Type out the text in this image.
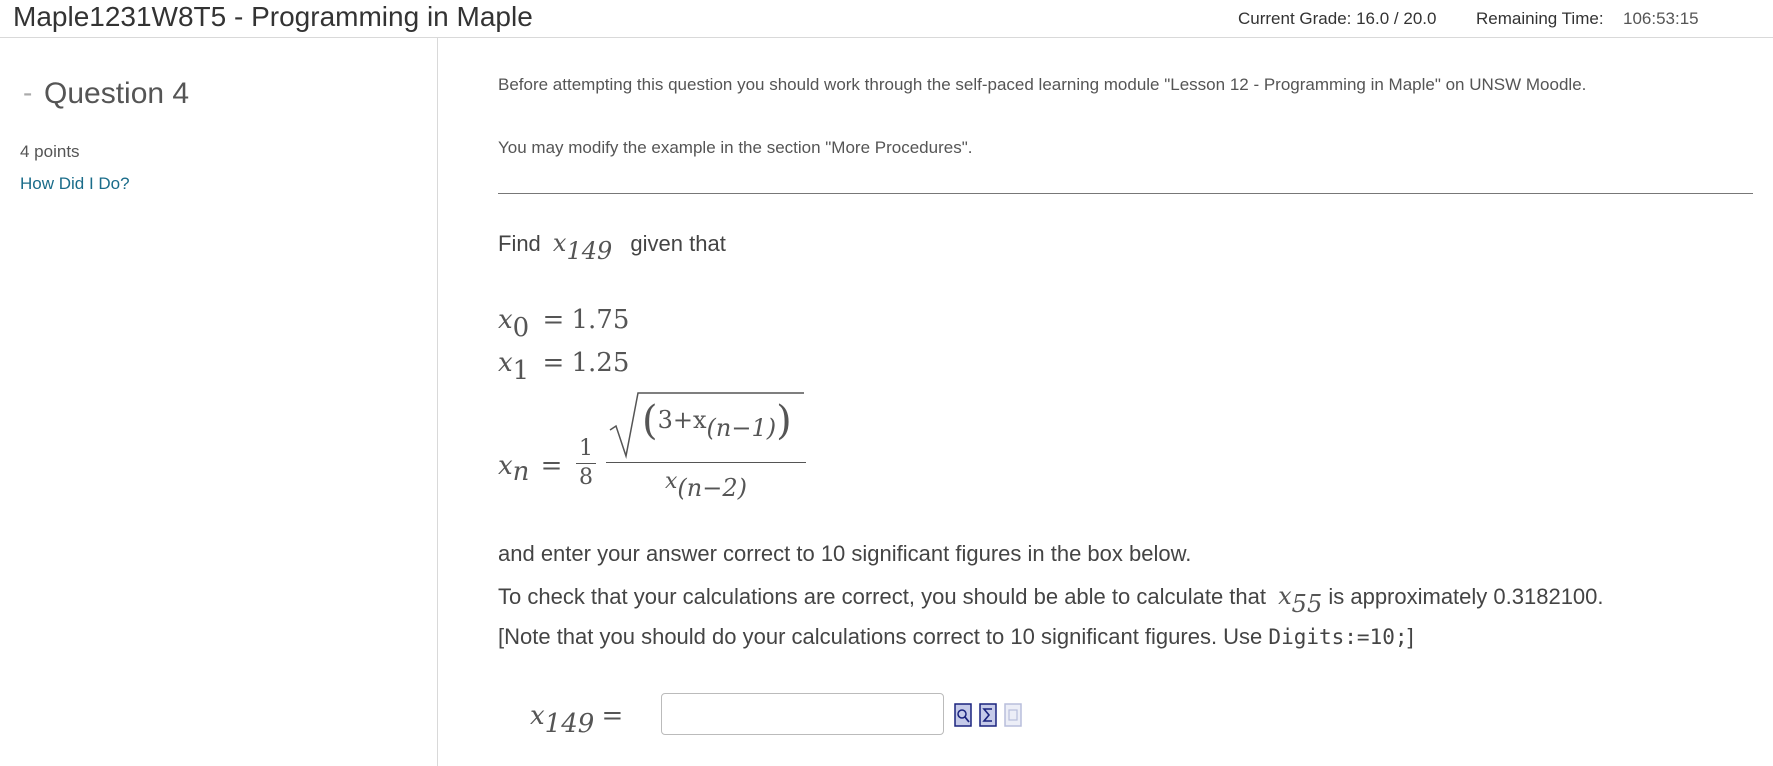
Maple1231W8T5 - Programming in Maple	Current Grade: 16.0 / 20.0 Remaining Time: 106:53:15
- Question 4
4 points
How Did I Do?
Before attempting this question you should work through the self-paced learning module "Lesson 12 - Programming in Maple" on UNSW Moodle.
You may modify the example in the section "More Procedures".
Find x149 given that
x0 = 1.75
x1 = 1.25
xn =
1
8
(3+x(n−1))
x(n−2)
and enter your answer correct to 10 significant figures in the box below.
To check that your calculations are correct, you should be able to calculate that x55 is approximately 0.3182100.
[Note that you should do your calculations correct to 10 significant figures. Use Digits:=10;]
x149 =
